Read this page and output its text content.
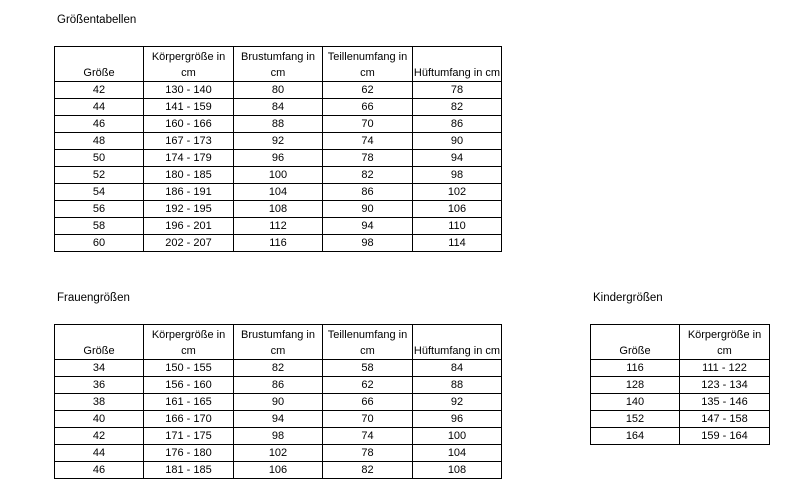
Größentabellen
Größe	Körpergröße in cm	Brustumfang in cm	Teillenumfang in cm	Hüftumfang in cm
42	130 - 140	80	62	78
44	141 - 159	84	66	82
46	160 - 166	88	70	86
48	167 - 173	92	74	90
50	174 - 179	96	78	94
52	180 - 185	100	82	98
54	186 - 191	104	86	102
56	192 - 195	108	90	106
58	196 - 201	112	94	110
60	202 - 207	116	98	114
Frauengrößen
Größe	Körpergröße in cm	Brustumfang in cm	Teillenumfang in cm	Hüftumfang in cm
34	150 - 155	82	58	84
36	156 - 160	86	62	88
38	161 - 165	90	66	92
40	166 - 170	94	70	96
42	171 - 175	98	74	100
44	176 - 180	102	78	104
46	181 - 185	106	82	108
Kindergrößen
Größe	Körpergröße in cm
116	111 - 122
128	123 - 134
140	135 - 146
152	147 - 158
164	159 - 164
